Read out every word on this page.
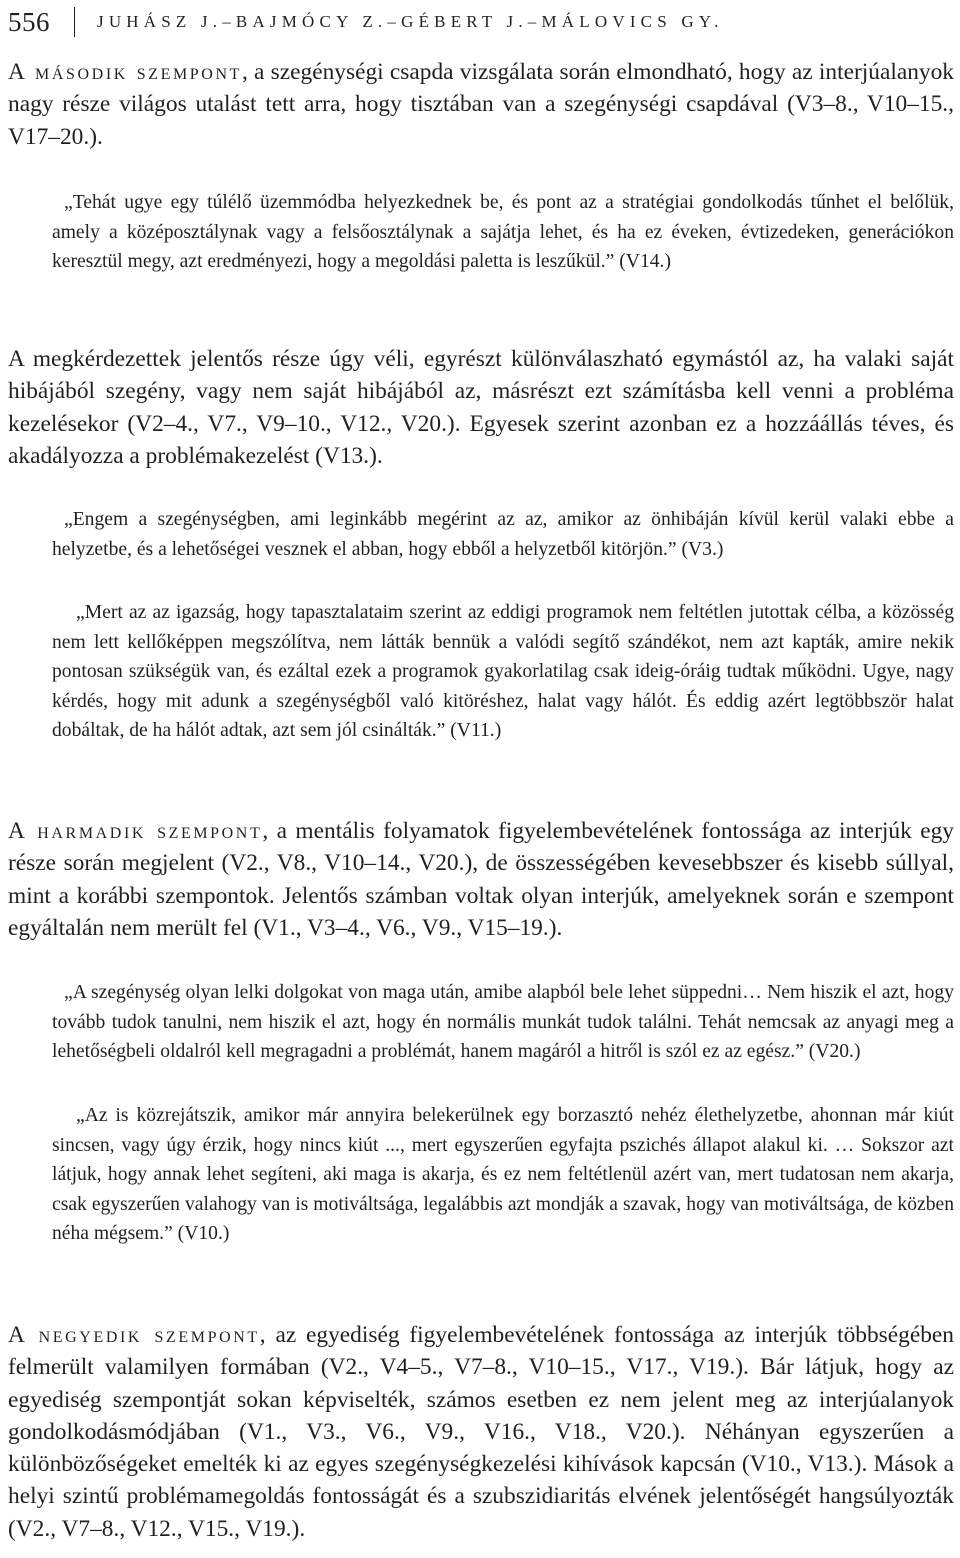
556	JUHÁSZ J.–BAJMÓCY Z.–GÉBERT J.–MÁLOVICS GY.

A második szempont, a szegénységi csapda vizsgálata során elmondható, hogy az interjúalanyok nagy része világos utalást tett arra, hogy tisztában van a szegénységi csapdával (V3–8., V10–15., V17–20.).

„Tehát ugye egy túlélő üzemmódba helyezkednek be, és pont az a stratégiai gondolkodás tűnhet el belőlük, amely a középosztálynak vagy a felsőosztálynak a sajátja lehet, és ha ez éveken, évtizedeken, generációkon keresztül megy, azt eredményezi, hogy a megoldási paletta is leszűkül.” (V14.)

A megkérdezettek jelentős része úgy véli, egyrészt különválaszható egymástól az, ha valaki saját hibájából szegény, vagy nem saját hibájából az, másrészt ezt számításba kell venni a probléma kezelésekor (V2–4., V7., V9–10., V12., V20.). Egyesek szerint azonban ez a hozzáállás téves, és akadályozza a problémakezelést (V13.).

„Engem a szegénységben, ami leginkább megérint az az, amikor az önhibáján kívül kerül valaki ebbe a helyzetbe, és a lehetőségei vesznek el abban, hogy ebből a helyzetből kitörjön.” (V3.)

„Mert az az igazság, hogy tapasztalataim szerint az eddigi programok nem feltétlen jutottak célba, a közösség nem lett kellőképpen megszólítva, nem látták bennük a valódi segítő szándékot, nem azt kapták, amire nekik pontosan szükségük van, és ezáltal ezek a programok gyakorlatilag csak ideig-óráig tudtak működni. Ugye, nagy kérdés, hogy mit adunk a szegénységből való kitöréshez, halat vagy hálót. És eddig azért legtöbbször halat dobáltak, de ha hálót adtak, azt sem jól csinálták.” (V11.)

A harmadik szempont, a mentális folyamatok figyelembevételének fontossága az interjúk egy része során megjelent (V2., V8., V10–14., V20.), de összességében kevesebbszer és kisebb súllyal, mint a korábbi szempontok. Jelentős számban voltak olyan interjúk, amelyeknek során e szempont egyáltalán nem merült fel (V1., V3–4., V6., V9., V15–19.).

„A szegénység olyan lelki dolgokat von maga után, amibe alapból bele lehet süppedni… Nem hiszik el azt, hogy tovább tudok tanulni, nem hiszik el azt, hogy én normális munkát tudok találni. Tehát nemcsak az anyagi meg a lehetőségbeli oldalról kell megragadni a problémát, hanem magáról a hitről is szól ez az egész.” (V20.)

„Az is közrejátszik, amikor már annyira belekerülnek egy borzasztó nehéz élethelyzetbe, ahonnan már kiút sincsen, vagy úgy érzik, hogy nincs kiút ..., mert egyszerűen egyfajta pszichés állapot alakul ki. … Sokszor azt látjuk, hogy annak lehet segíteni, aki maga is akarja, és ez nem feltétlenül azért van, mert tudatosan nem akarja, csak egyszerűen valahogy van is motiváltsága, legalábbis azt mondják a szavak, hogy van motiváltsága, de közben néha mégsem.” (V10.)

A negyedik szempont, az egyediség figyelembevételének fontossága az interjúk többségében felmerült valamilyen formában (V2., V4–5., V7–8., V10–15., V17., V19.). Bár látjuk, hogy az egyediség szempontját sokan képviselték, számos esetben ez nem jelent meg az interjúalanyok gondolkodásmódjában (V1., V3., V6., V9., V16., V18., V20.). Néhányan egyszerűen a különbözőségeket emelték ki az egyes szegénységkezelési kihívások kapcsán (V10., V13.). Mások a helyi szintű problémamegoldás fontosságát és a szubszidiaritás elvének jelentőségét hangsúlyozták (V2., V7–8., V12., V15., V19.).
